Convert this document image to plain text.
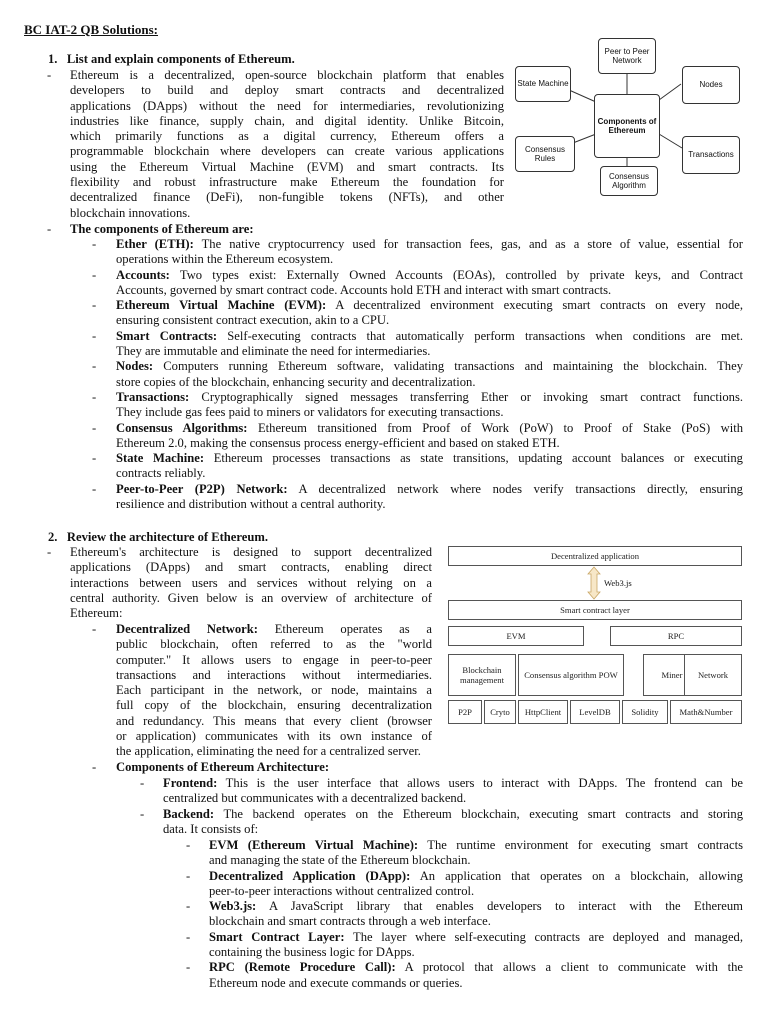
BC IAT-2 QB Solutions:
1.   List and explain components of Ethereum.
- Ethereum is a decentralized, open-source blockchain platform that enables
developers to build and deploy smart contracts and decentralized
applications (DApps) without the need for intermediaries, revolutionizing
industries like finance, supply chain, and digital identity. Unlike Bitcoin,
which primarily functions as a digital currency, Ethereum offers a
programmable blockchain where developers can create various applications
using the Ethereum Virtual Machine (EVM) and smart contracts. Its
flexibility and robust infrastructure make Ethereum the foundation for
decentralized finance (DeFi), non-fungible tokens (NFTs), and other
blockchain innovations.
- The components of Ethereum are:
-	Ether (ETH): The native cryptocurrency used for transaction fees, gas, and as a store of value, essential for
operations within the Ethereum ecosystem.
-	Accounts: Two types exist: Externally Owned Accounts (EOAs), controlled by private keys, and Contract
Accounts, governed by smart contract code. Accounts hold ETH and interact with smart contracts.
-	Ethereum Virtual Machine (EVM): A decentralized environment executing smart contracts on every node,
ensuring consistent contract execution, akin to a CPU.
-	Smart Contracts: Self-executing contracts that automatically perform transactions when conditions are met.
They are immutable and eliminate the need for intermediaries.
-	Nodes: Computers running Ethereum software, validating transactions and maintaining the blockchain. They
store copies of the blockchain, enhancing security and decentralization.
-	Transactions: Cryptographically signed messages transferring Ether or invoking smart contract functions.
They include gas fees paid to miners or validators for executing transactions.
-	Consensus Algorithms: Ethereum transitioned from Proof of Work (PoW) to Proof of Stake (PoS) with
Ethereum 2.0, making the consensus process energy-efficient and based on staked ETH.
-	State Machine: Ethereum processes transactions as state transitions, updating account balances or executing
contracts reliably.
-	Peer-to-Peer (P2P) Network: A decentralized network where nodes verify transactions directly, ensuring
resilience and distribution without a central authority.
Peer to Peer Network
State Machine	Nodes
Components of Ethereum
Consensus Rules	Transactions
Consensus Algorithm
2.   Review the architecture of Ethereum.
- Ethereum's architecture is designed to support decentralized
applications (DApps) and smart contracts, enabling direct
interactions between users and services without relying on a
central authority. Given below is an overview of architecture of
Ethereum:
- Decentralized Network: Ethereum operates as a
public blockchain, often referred to as the "world
computer." It allows users to engage in peer-to-peer
transactions and interactions without intermediaries.
Each participant in the network, or node, maintains a
full copy of the blockchain, ensuring decentralization
and redundancy. This means that every client (browser
or application) communicates with its own instance of
the application, eliminating the need for a centralized server.
Decentralized application
Web3.js
Smart contract layer
EVM	RPC
Blockchain management	Consensus algorithm POW	Miner	Network
P2P	Cryto	HttpClient	LevelDB	Solidity	Math&Number
- Components of Ethereum Architecture:
- Frontend: This is the user interface that allows users to interact with DApps. The frontend can be
centralized but communicates with a decentralized backend.
- Backend: The backend operates on the Ethereum blockchain, executing smart contracts and storing
data. It consists of:
-	EVM (Ethereum Virtual Machine): The runtime environment for executing smart contracts
and managing the state of the Ethereum blockchain.
-	Decentralized Application (DApp): An application that operates on a blockchain, allowing
peer-to-peer interactions without centralized control.
-	Web3.js: A JavaScript library that enables developers to interact with the Ethereum
blockchain and smart contracts through a web interface.
-	Smart Contract Layer: The layer where self-executing contracts are deployed and managed,
containing the business logic for DApps.
-	RPC (Remote Procedure Call): A protocol that allows a client to communicate with the
Ethereum node and execute commands or queries.
